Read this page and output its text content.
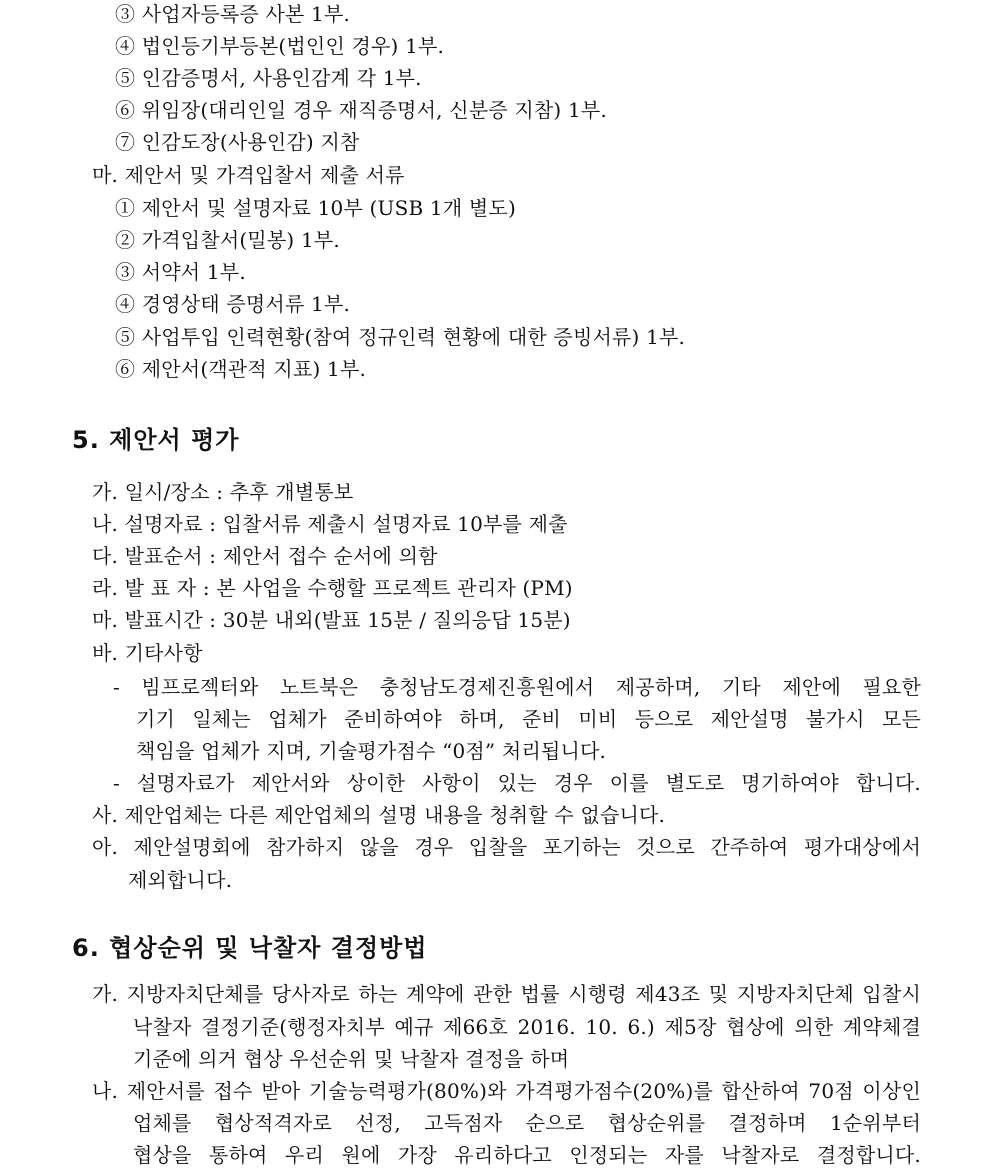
③ 사업자등록증 사본 1부.
④ 법인등기부등본(법인인 경우) 1부.
⑤ 인감증명서, 사용인감계 각 1부.
⑥ 위임장(대리인일 경우 재직증명서, 신분증 지참) 1부.
⑦ 인감도장(사용인감) 지참
마. 제안서 및 가격입찰서 제출 서류
① 제안서 및 설명자료 10부 (USB 1개 별도)
② 가격입찰서(밀봉) 1부.
③ 서약서 1부.
④ 경영상태 증명서류 1부.
⑤ 사업투입 인력현황(참여 정규인력 현황에 대한 증빙서류) 1부.
⑥ 제안서(객관적 지표) 1부.
5. 제안서 평가
가. 일시/장소 : 추후 개별통보
나. 설명자료 : 입찰서류 제출시 설명자료 10부를 제출
다. 발표순서 : 제안서 접수 순서에 의함
라. 발 표 자 : 본 사업을 수행할 프로젝트 관리자 (PM)
마. 발표시간 : 30분 내외(발표 15분 / 질의응답 15분)
바. 기타사항
- 빔프로젝터와 노트북은 충청남도경제진흥원에서 제공하며, 기타 제안에 필요한
기기 일체는 업체가 준비하여야 하며, 준비 미비 등으로 제안설명 불가시 모든
책임을 업체가 지며, 기술평가점수 “0점” 처리됩니다.
- 설명자료가 제안서와 상이한 사항이 있는 경우 이를 별도로 명기하여야 합니다.
사. 제안업체는 다른 제안업체의 설명 내용을 청취할 수 없습니다.
아. 제안설명회에 참가하지 않을 경우 입찰을 포기하는 것으로 간주하여 평가대상에서
제외합니다.
6. 협상순위 및 낙찰자 결정방법
가. 지방자치단체를 당사자로 하는 계약에 관한 법률 시행령 제43조 및 지방자치단체 입찰시
낙찰자 결정기준(행정자치부 예규 제66호 2016. 10. 6.) 제5장 협상에 의한 계약체결
기준에 의거 협상 우선순위 및 낙찰자 결정을 하며
나. 제안서를 접수 받아 기술능력평가(80%)와 가격평가점수(20%)를 합산하여 70점 이상인
업체를 협상적격자로 선정, 고득점자 순으로 협상순위를 결정하며 1순위부터
협상을 통하여 우리 원에 가장 유리하다고 인정되는 자를 낙찰자로 결정합니다.
